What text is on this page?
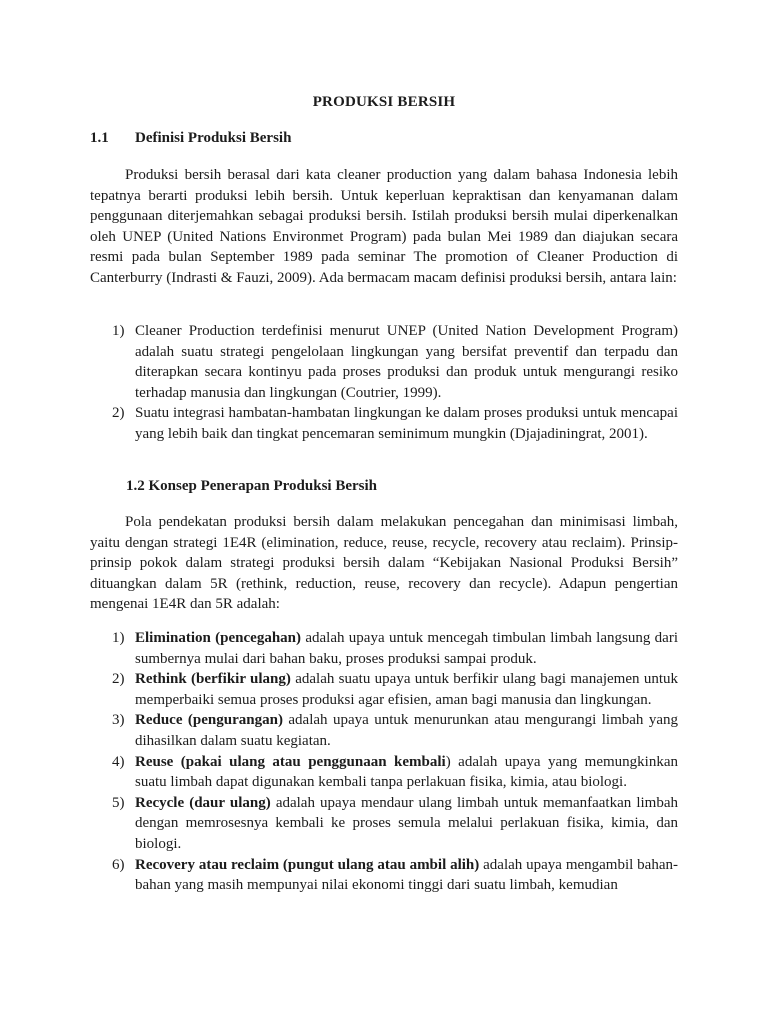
PRODUKSI BERSIH
1.1 Definisi Produksi Bersih

Produksi bersih berasal dari kata cleaner production yang dalam bahasa Indonesia lebih tepatnya berarti produksi lebih bersih. Untuk keperluan kepraktisan dan kenyamanan dalam penggunaan diterjemahkan sebagai produksi bersih. Istilah produksi bersih mulai diperkenalkan oleh UNEP (United Nations Environmet Program) pada bulan Mei 1989 dan diajukan secara resmi pada bulan September 1989 pada seminar The promotion of Cleaner Production di Canterburry (Indrasti & Fauzi, 2009). Ada bermacam macam definisi produksi bersih, antara lain:

1) Cleaner Production terdefinisi menurut UNEP (United Nation Development Program) adalah suatu strategi pengelolaan lingkungan yang bersifat preventif dan terpadu dan diterapkan secara kontinyu pada proses produksi dan produk untuk mengurangi resiko terhadap manusia dan lingkungan (Coutrier, 1999).
2) Suatu integrasi hambatan-hambatan lingkungan ke dalam proses produksi untuk mencapai yang lebih baik dan tingkat pencemaran seminimum mungkin (Djajadiningrat, 2001).
1.2 Konsep Penerapan Produksi Bersih

Pola pendekatan produksi bersih dalam melakukan pencegahan dan minimisasi limbah, yaitu dengan strategi 1E4R (elimination, reduce, reuse, recycle, recovery atau reclaim). Prinsip-prinsip pokok dalam strategi produksi bersih dalam “Kebijakan Nasional Produksi Bersih” dituangkan dalam 5R (rethink, reduction, reuse, recovery dan recycle). Adapun pengertian mengenai 1E4R dan 5R adalah:

1) Elimination (pencegahan) adalah upaya untuk mencegah timbulan limbah langsung dari sumbernya mulai dari bahan baku, proses produksi sampai produk.
2) Rethink (berfikir ulang) adalah suatu upaya untuk berfikir ulang bagi manajemen untuk memperbaiki semua proses produksi agar efisien, aman bagi manusia dan lingkungan.
3) Reduce (pengurangan) adalah upaya untuk menurunkan atau mengurangi limbah yang dihasilkan dalam suatu kegiatan.
4) Reuse (pakai ulang atau penggunaan kembali) adalah upaya yang memungkinkan suatu limbah dapat digunakan kembali tanpa perlakuan fisika, kimia, atau biologi.
5) Recycle (daur ulang) adalah upaya mendaur ulang limbah untuk memanfaatkan limbah dengan memrosesnya kembali ke proses semula melalui perlakuan fisika, kimia, dan biologi.
6) Recovery atau reclaim (pungut ulang atau ambil alih) adalah upaya mengambil bahan-bahan yang masih mempunyai nilai ekonomi tinggi dari suatu limbah, kemudian
